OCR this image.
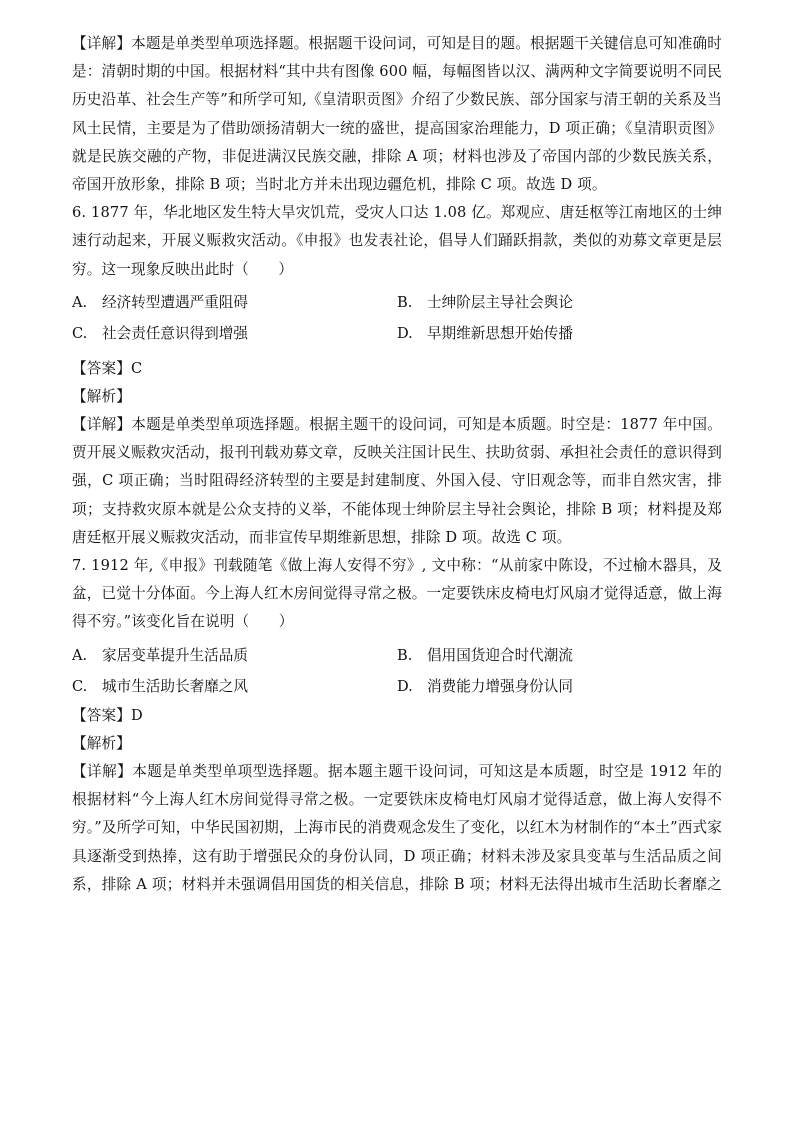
【详解】本题是单类型单项选择题。根据题干设问词，可知是目的题。根据题干关键信息可知准确时
是：清朝时期的中国。根据材料“其中共有图像 600 幅，每幅图皆以汉、满两种文字简要说明不同民
历史沿革、社会生产等”和所学可知,《皇清职贡图》介绍了少数民族、部分国家与清王朝的关系及当
风土民情，主要是为了借助颂扬清朝大一统的盛世，提高国家治理能力，D 项正确；《皇清职贡图》
就是民族交融的产物，非促进满汉民族交融，排除 A 项；材料也涉及了帝国内部的少数民族关系，
帝国开放形象，排除 B 项；当时北方并未出现边疆危机，排除 C 项。故选 D 项。
6. 1877 年，华北地区发生特大旱灾饥荒，受灾人口达 1.08 亿。郑观应、唐廷枢等江南地区的士绅
速行动起来，开展义赈救灾活动。《申报》也发表社论，倡导人们踊跃捐款，类似的劝募文章更是层
穷。这一现象反映出此时（　　）
A. 经济转型遭遇严重阻碍	B. 士绅阶层主导社会舆论
C. 社会责任意识得到增强	D. 早期维新思想开始传播
【答案】C
【解析】
【详解】本题是单类型单项选择题。根据主题干的设问词，可知是本质题。时空是：1877 年中国。
贾开展义赈救灾活动，报刊刊载劝募文章，反映关注国计民生、扶助贫弱、承担社会责任的意识得到
强，C 项正确；当时阻碍经济转型的主要是封建制度、外国入侵、守旧观念等，而非自然灾害，排
项；支持救灾原本就是公众支持的义举，不能体现士绅阶层主导社会舆论，排除 B 项；材料提及郑
唐廷枢开展义赈救灾活动，而非宣传早期维新思想，排除 D 项。故选 C 项。
7. 1912 年,《申报》刊载随笔《做上海人安得不穷》, 文中称：“从前家中陈设，不过榆木器具，及
盆，已觉十分体面。今上海人红木房间觉得寻常之极。一定要铁床皮椅电灯风扇才觉得适意，做上海
得不穷。”该变化旨在说明（　　）
A. 家居变革提升生活品质	B. 倡用国货迎合时代潮流
C. 城市生活助长奢靡之风	D. 消费能力增强身份认同
【答案】D
【解析】
【详解】本题是单类型单项型选择题。据本题主题干设问词，可知这是本质题，时空是 1912 年的
根据材料“今上海人红木房间觉得寻常之极。一定要铁床皮椅电灯风扇才觉得适意，做上海人安得不
穷。”及所学可知，中华民国初期，上海市民的消费观念发生了变化，以红木为材制作的“本土”西式家
具逐渐受到热捧，这有助于增强民众的身份认同，D 项正确；材料未涉及家具变革与生活品质之间
系，排除 A 项；材料并未强调倡用国货的相关信息，排除 B 项；材料无法得出城市生活助长奢靡之
